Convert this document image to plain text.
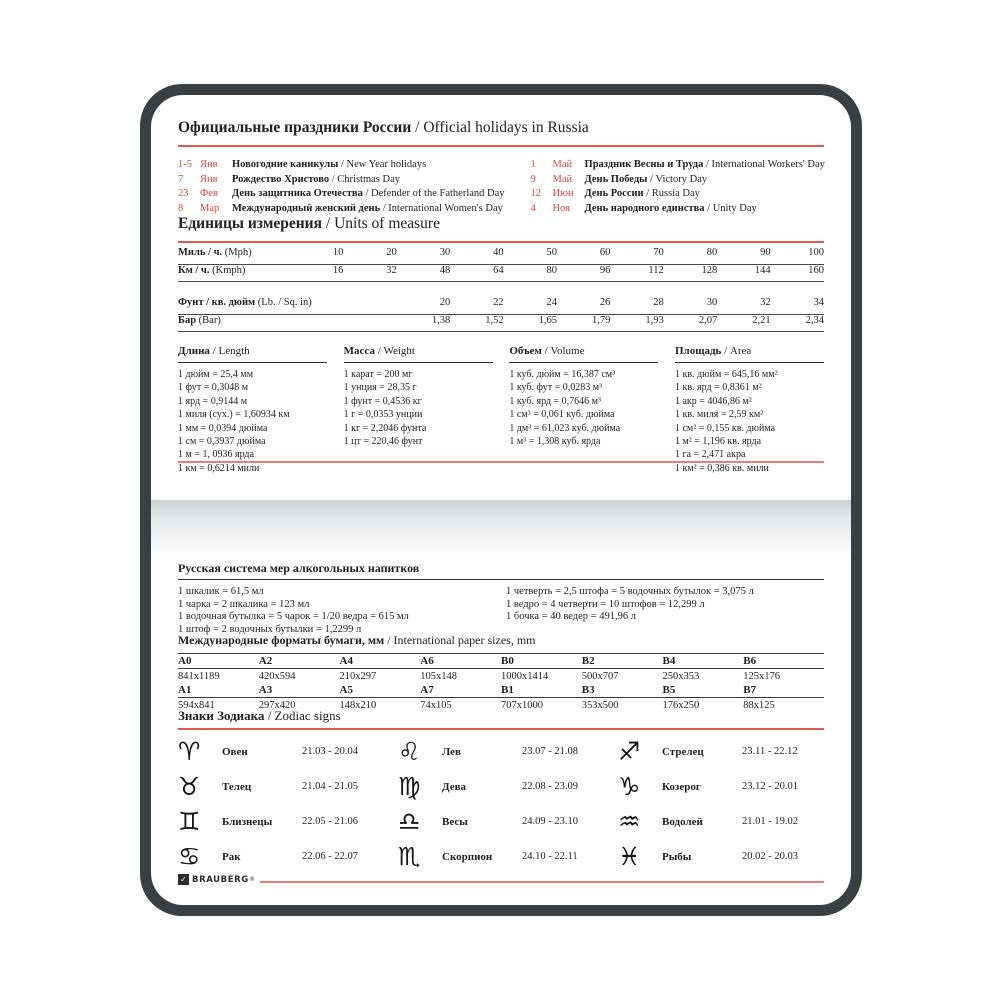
Официальные праздники России / Official holidays in Russia
1-5 Янв	Новогодние каникулы / New Year holidays
7	Янв	Рождество Христово / Christmas Day
23	Фев	День защитника Отечества / Defender of the Fatherland Day
8	Мар	Международный женский день / International Women's Day
1	Май	Праздник Весны и Труда / International Workers' Day
9	Май	День Победы / Victory Day
12	Июн	День России / Russia Day
4	Ноя	День народного единства / Unity Day
Единицы измерения / Units of measure
Миль / ч. (Mph)	10	20	30	40	50	60	70	80	90	100
Км / ч. (Kmph)	16	32	48	64	80	96	112	128	144	160
Фунт / кв. дюйм (Lb. / Sq. in)	20	22	24	26	28	30	32	34
Бар (Bar)	1,38	1,52	1,65	1,79	1,93	2,07	2,21	2,34
Длина / Length
1 дюйм = 25,4 мм
1 фут = 0,3048 м
1 ярд = 0,9144 м
1 миля (сух.) = 1,60934 км
1 мм = 0,0394 дюйма
1 см = 0,3937 дюйма
1 м = 1, 0936 ярда
1 км = 0,6214 мили
Масса / Weight
1 карат = 200 мг
1 унция = 28,35 г
1 фунт = 0,4536 кг
1 г = 0,0353 унции
1 кг = 2,2046 фунта
1 цт = 220,46 фунт
Объем / Volume
1 куб. дюйм = 16,387 см³
1 куб. фут = 0,0283 м³
1 куб. ярд = 0,7646 м³
1 см³ = 0,061 куб. дюйма
1 дм³ = 61,023 куб. дюйма
1 м³ = 1,308 куб. ярда
Площадь / Area
1 кв. дюйм = 645,16 мм²
1 кв. ярд = 0,8361 м²
1 акр = 4046,86 м²
1 кв. миля = 2,59 км²
1 см² = 0,155 кв. дюйма
1 м² = 1,196 кв. ярда
1 га = 2,471 акра
1 км² = 0,386 кв. мили
Русская система мер алкогольных напитков
1 шкалик = 61,5 мл
1 чарка = 2 шкалика = 123 мл
1 водочная бутылка = 5 чарок = 1/20 ведра = 615 мл
1 штоф = 2 водочных бутылки = 1,2299 л
1 четверть = 2,5 штофа = 5 водочных бутылок = 3,075 л
1 ведро = 4 четверти = 10 штофов = 12,299 л
1 бочка = 40 ведер = 491,96 л
Международные форматы бумаги, мм / International paper sizes, mm
A0	A2	A4	A6	B0	B2	B4	B6
841x1189	420x594	210x297	105x148	1000x1414	500x707	250x353	125x176
A1	A3	A5	A7	B1	B3	B5	B7
594x841	297x420	148x210	74x105	707x1000	353x500	176x250	88x125
Знаки Зодиака / Zodiac signs
♈	Овен	21.03 - 20.04
♉	Телец	21.04 - 21.05
♊	Близнецы	22.05 - 21.06
♋	Рак	22.06 - 22.07
♌	Лев	23.07 - 21.08
♍	Дева	22.08 - 23.09
♎	Весы	24.09 - 23.10
♏	Скорпион	24.10 - 22.11
♐	Стрелец	23.11 - 22.12
♑	Козерог	23.12 - 20.01
♒	Водолей	21.01 - 19.02
♓	Рыбы	20.02 - 20.03
✓ BRAUBERG ®
